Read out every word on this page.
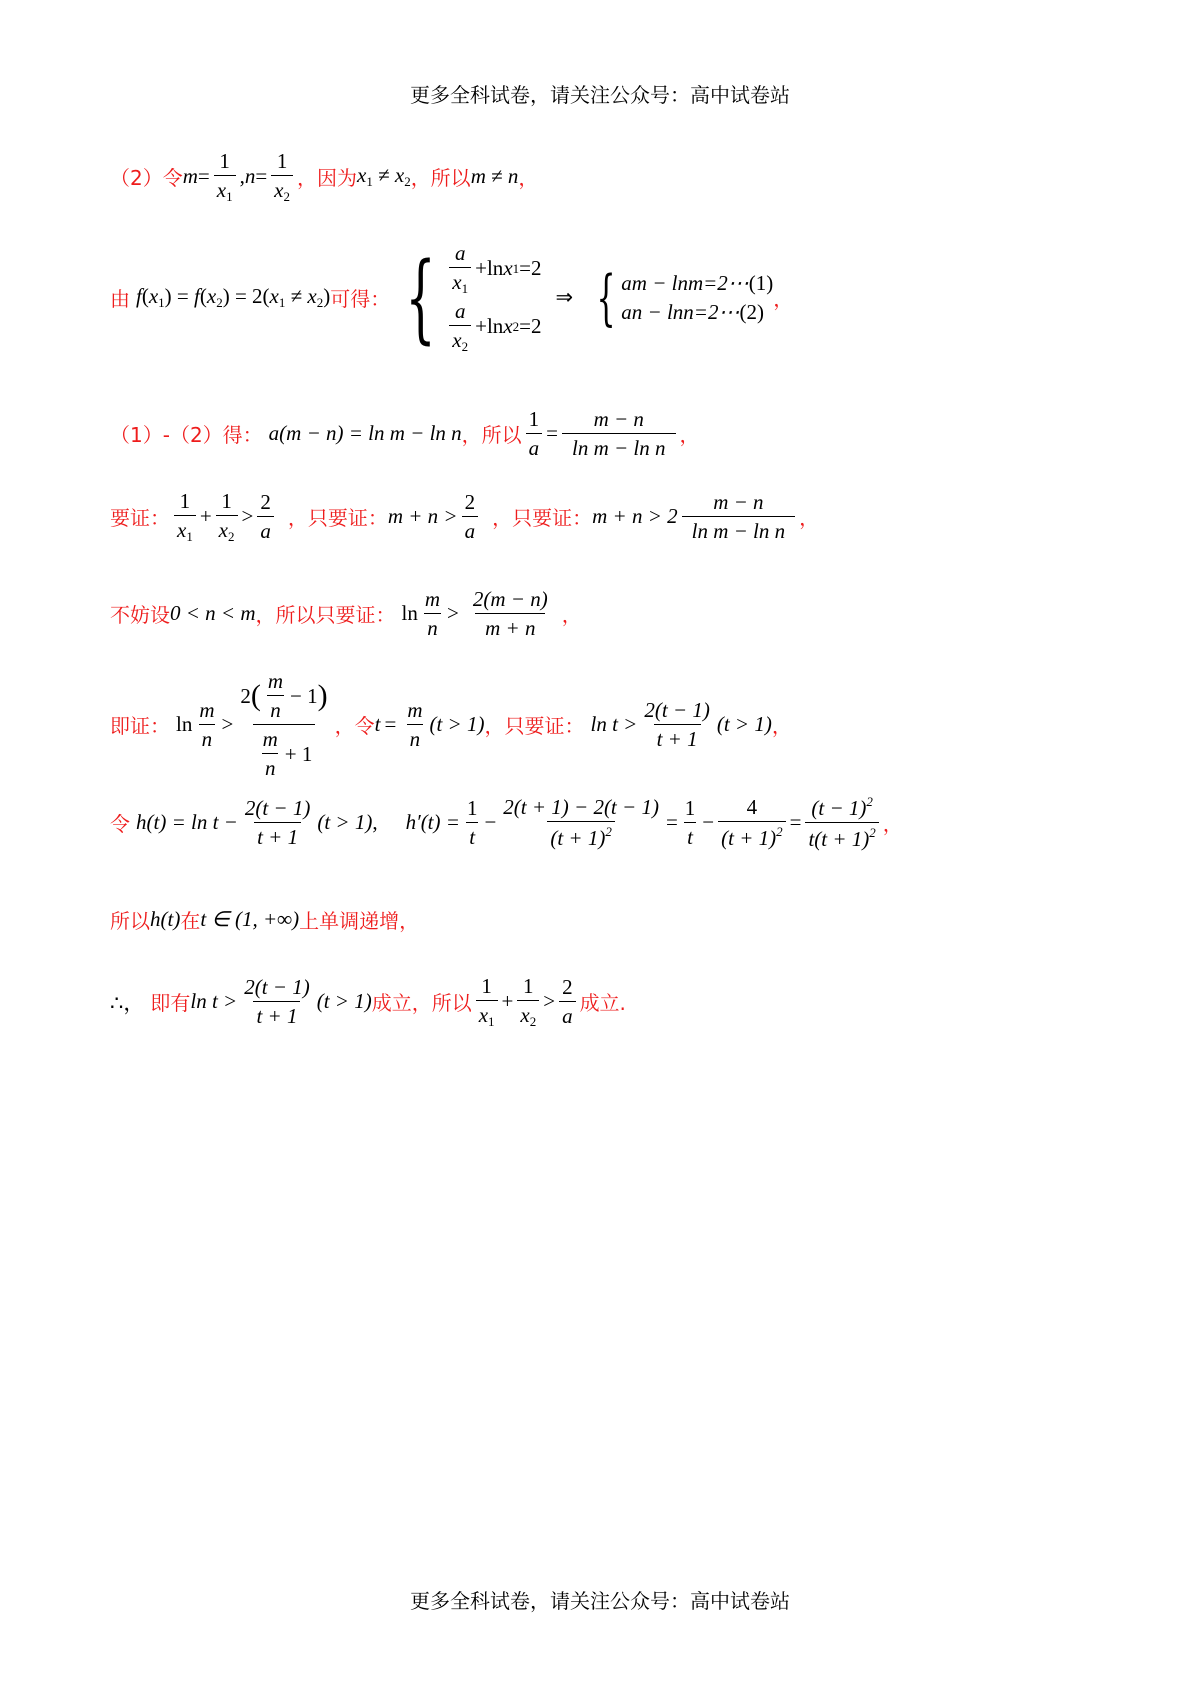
更多全科试卷，请关注公众号：高中试卷站
（2）令 $m = \frac{1}{x_1}$ , $n = \frac{1}{x_2}$ ，因为 $x_1 \ne x_2$ ，所以 m ≠ n ，
由 $f(x_1) = f(x_2) = 2(x_1 \ne x_2)$ 可得： { $\frac{a}{x_1} +\ln$ x 1 =2
$\frac{a}{x_2} +\ln$ x 2 =2
⇒ { am − lnm=2⋯ ( 1 )
an − lnn=2⋯ ( 2 )
，
（1）-（2）得： a(m − n) = ln m − ln n ，所以 $\frac{1}{a} = \frac{m - n}{\text{ln m − ln n}}$ ，
要证： $\frac{1}{x_1} + \frac{1}{x_2} > \frac{2}{a}$ ，只要证： $m + n > \frac{2}{a}$ ，只要证： $m + n > 2 \frac{m - n}{\text{ln m − ln n}}$ ，
不妨设 0 < n < m ，所以只要证： $\ln \frac{m}{n} > \frac{2(m - n)}{m + n}$ ，
即证： $\ln \frac{m}{n}$ >
2 ( $\frac{m}{n} - 1$ )
$\frac{m}{n} + 1$
，令 $t = \frac{m}{n} (t > 1)$ ，只要证： $\ln t > \frac{2(t - 1)}{t + 1} (t > 1)$ ，
令 $h(t) = \ln t - \frac{2(t - 1)}{t + 1} (t > 1)$ , $h'(t) = \frac{1}{t} - \frac{2(t + 1) - 2(t - 1)}{(t + 1)^2} = \frac{1}{t} - \frac{4}{(t + 1)^2} = \frac{(t - 1)^2}{t(t + 1)^2}$ ，
所以 h(t) 在 t ∈ (1, +∞) 上单调递增，
∴， 即有 $\ln t > \frac{2(t - 1)}{t + 1} (t > 1)$ 成立，所以 $\frac{1}{x_1} + \frac{1}{x_2} > \frac{2}{a}$ 成立.
更多全科试卷，请关注公众号：高中试卷站
